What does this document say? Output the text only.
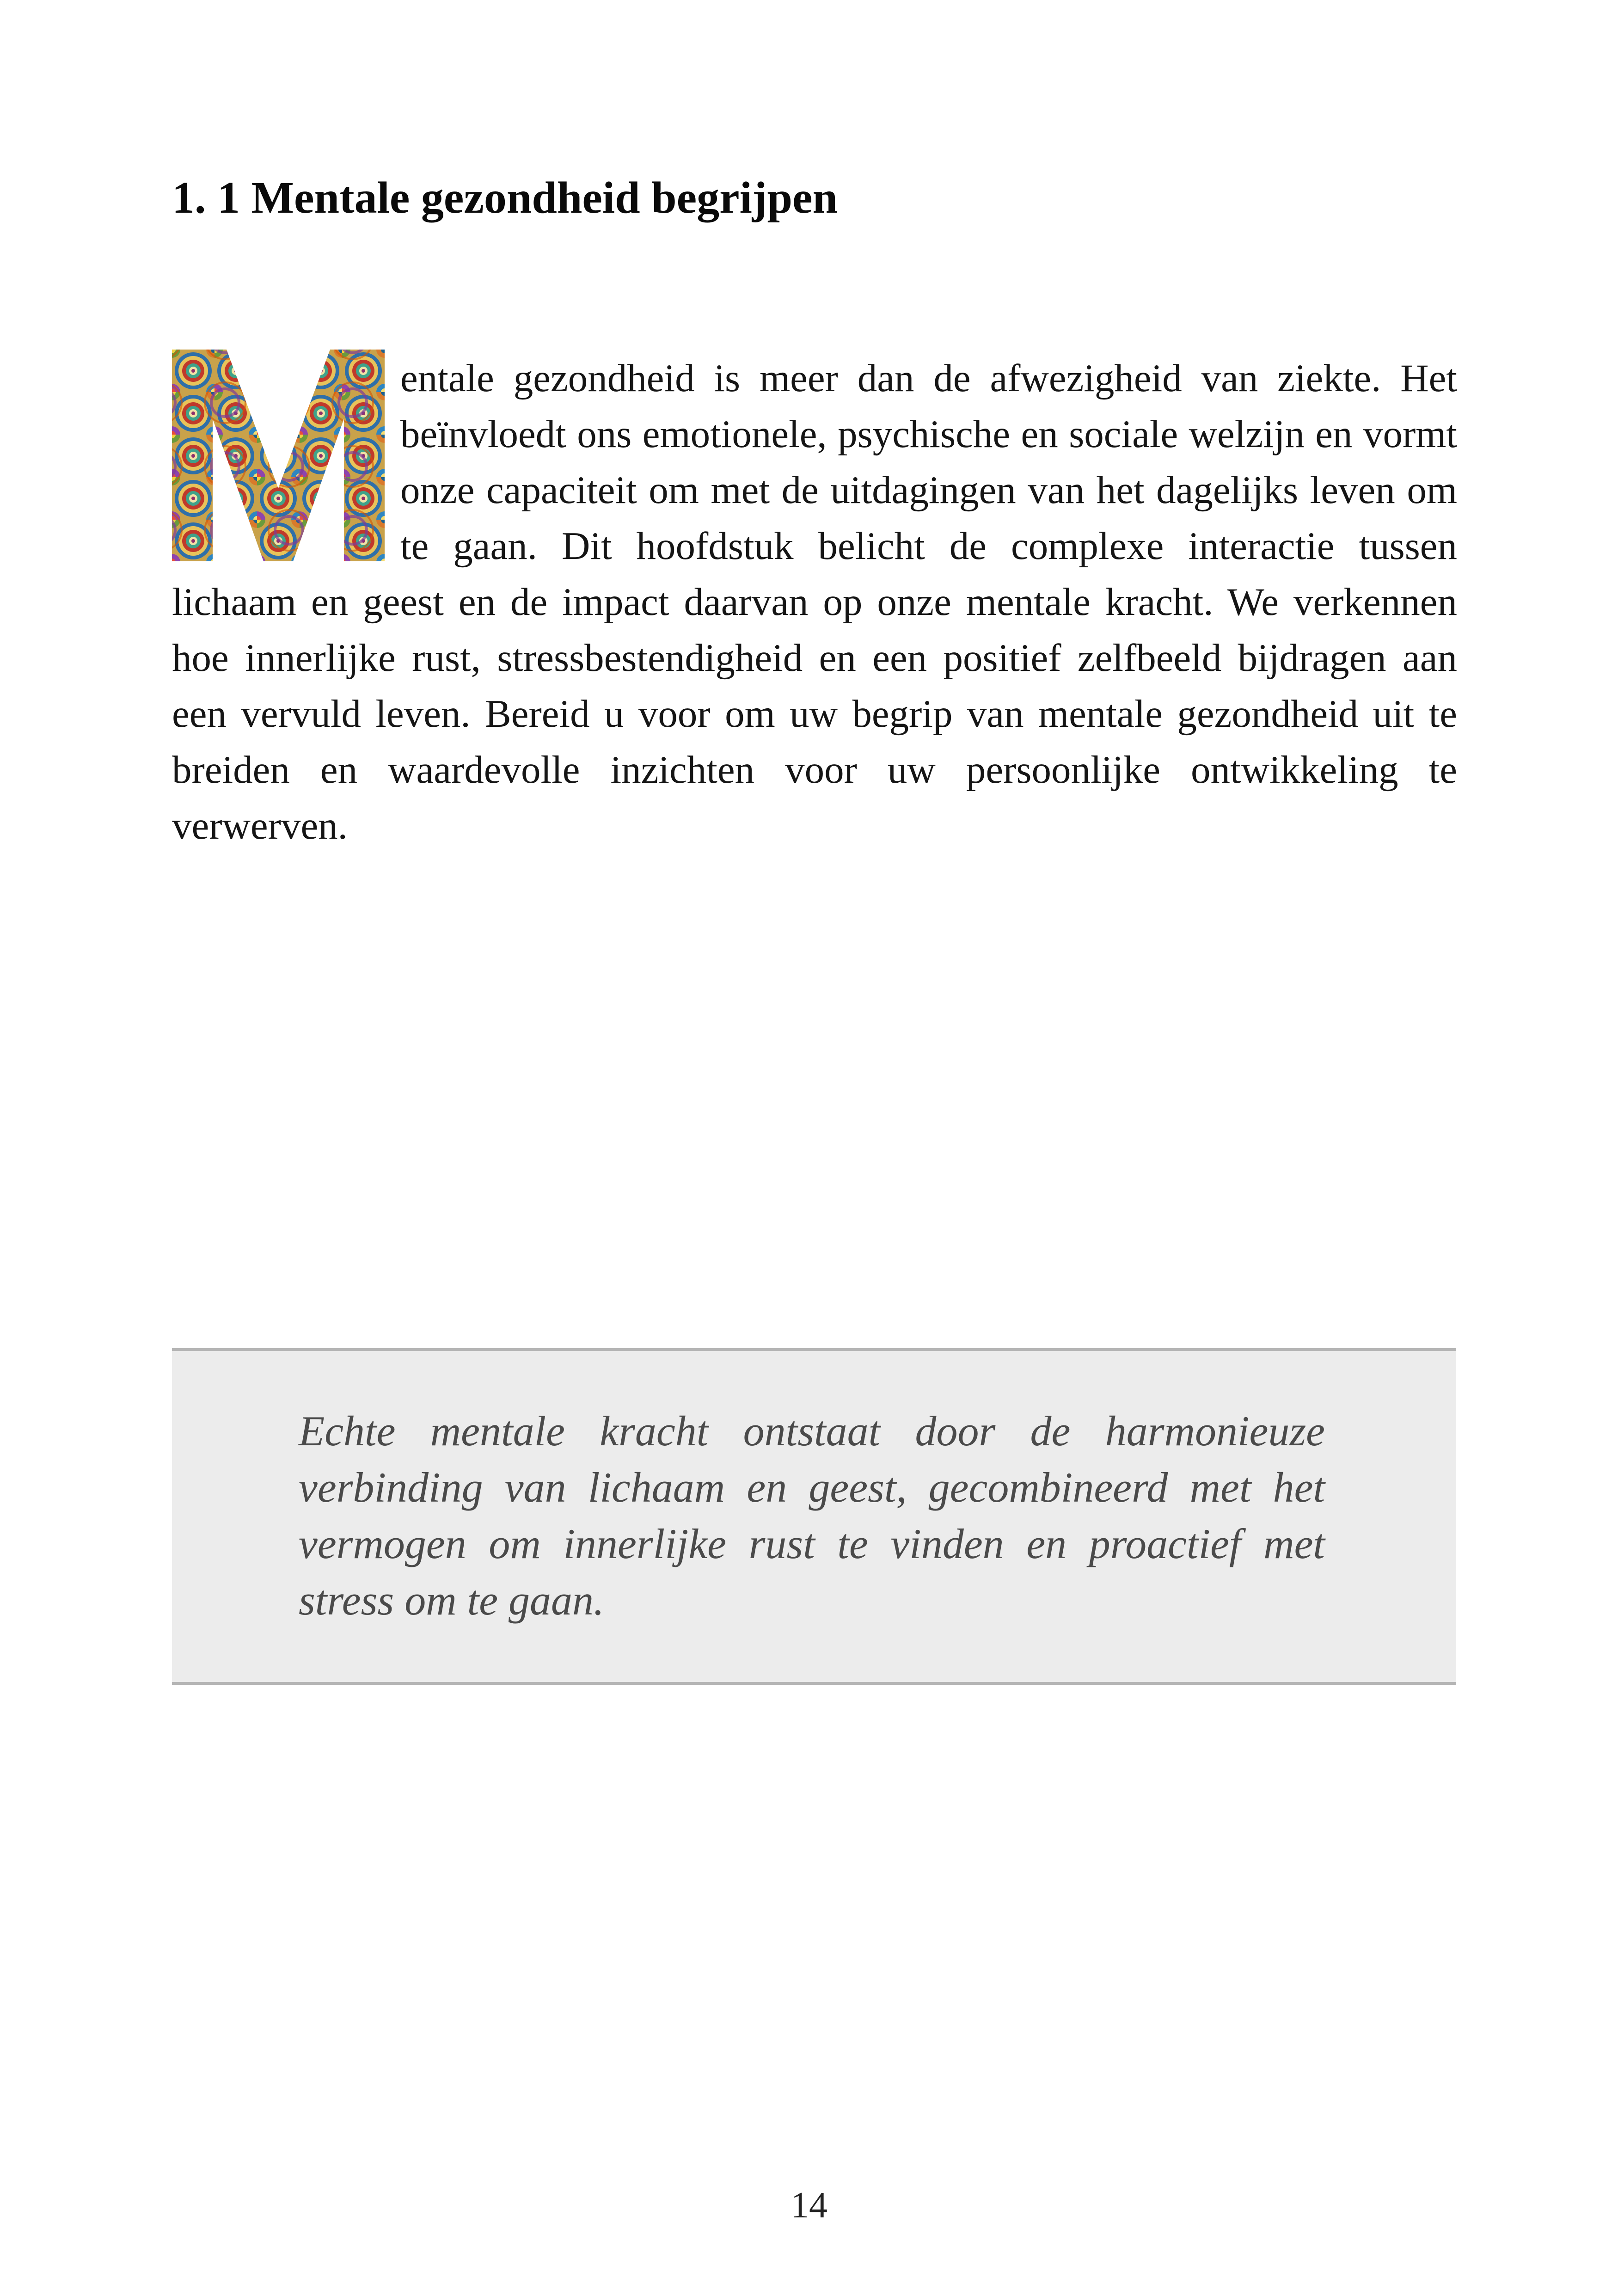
1. 1 Mentale gezondheid begrijpen

entale gezondheid is meer dan de afwezigheid van ziekte. Het beïnvloedt ons emotionele, psychische en sociale welzijn en vormt onze capaciteit om met de uitdagingen van het dagelijks leven om te gaan. Dit hoofdstuk belicht de complexe interactie tussen lichaam en geest en de impact daarvan op onze mentale kracht. We verkennen hoe innerlijke rust, stressbestendigheid en een positief zelfbeeld bijdragen aan een vervuld leven. Bereid u voor om uw begrip van mentale gezondheid uit te breiden en waardevolle inzichten voor uw persoonlijke ontwikkeling te verwerven.

Echte mentale kracht ontstaat door de harmonieuze verbinding van lichaam en geest, gecombineerd met het vermogen om innerlijke rust te vinden en proactief met stress om te gaan.

14
